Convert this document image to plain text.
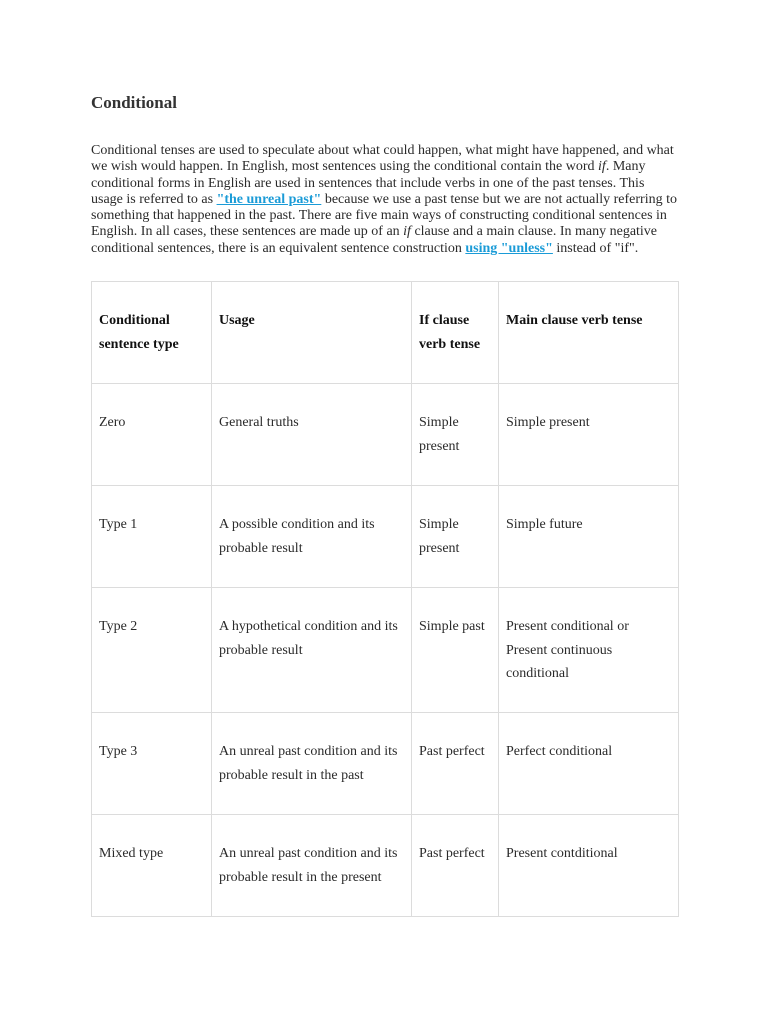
Conditional

Conditional tenses are used to speculate about what could happen, what might have happened, and what we wish would happen. In English, most sentences using the conditional contain the word if. Many conditional forms in English are used in sentences that include verbs in one of the past tenses. This usage is referred to as "the unreal past" because we use a past tense but we are not actually referring to something that happened in the past. There are five main ways of constructing conditional sentences in English. In all cases, these sentences are made up of an if clause and a main clause. In many negative conditional sentences, there is an equivalent sentence construction using "unless" instead of "if".

Conditional sentence type	Usage	If clause verb tense	Main clause verb tense
Zero	General truths	Simple present	Simple present
Type 1	A possible condition and its probable result	Simple present	Simple future
Type 2	A hypothetical condition and its probable result	Simple past	Present conditional or Present continuous conditional
Type 3	An unreal past condition and its probable result in the past	Past perfect	Perfect conditional
Mixed type	An unreal past condition and its probable result in the present	Past perfect	Present contditional
